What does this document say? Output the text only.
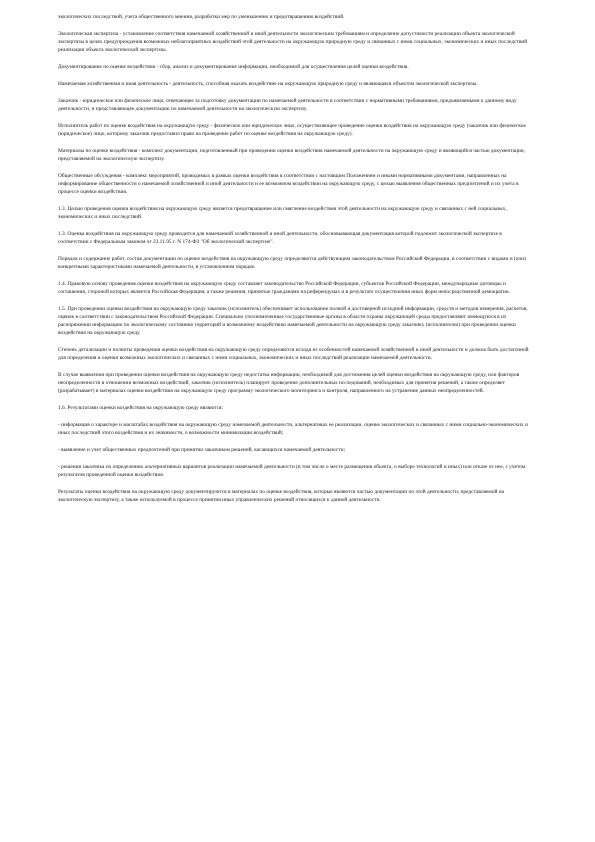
экологических последствий, учета общественного мнения, разработки мер по уменьшению и предотвращению воздействий.

Экологическая экспертиза - установление соответствия намечаемой хозяйственной и иной деятельности экологическим требованиям и определение допустимости реализации объекта экологической экспертизы в целях предупреждения возможных неблагоприятных воздействий этой деятельности на окружающую природную среду и связанных с ними социальных, экономических и иных последствий реализации объекта экологической экспертизы.

Документирование по оценке воздействия - сбор, анализ и документирование информации, необходимой для осуществления целей оценки воздействия.

Намечаемая хозяйственная и иная деятельность - деятельность, способная оказать воздействие на окружающую природную среду и являющаяся объектом экологической экспертизы.

Заказчик - юридическое или физическое лицо, отвечающее за подготовку документации по намечаемой деятельности в соответствии с нормативными требованиями, предъявляемыми к данному виду деятельности, и представляющее документацию по намечаемой деятельности на экологическую экспертизу.

Исполнитель работ по оценке воздействия на окружающую среду - физическое или юридическое лицо, осуществляющее проведение оценки воздействия на окружающую среду (заказчик или физическое (юридическое) лицо, которому заказчик предоставил право на проведение работ по оценке воздействия на окружающую среду).

Материалы по оценке воздействия - комплект документации, подготовленный при проведении оценки воздействия намечаемой деятельности на окружающую среду и являющийся частью документации, представляемой на экологическую экспертизу.

Общественные обсуждения - комплекс мероприятий, проводимых в рамках оценки воздействия в соответствии с настоящим Положением и иными нормативными документами, направленных на информирование общественности о намечаемой хозяйственной и иной деятельности и ее возможном воздействии на окружающую среду, с целью выявления общественных предпочтений и их учета в процессе оценки воздействия.

1.3. Целью проведения оценки воздействия на окружающую среду является предотвращение или смягчение воздействия этой деятельности на окружающую среду и связанных с ней социальных, экономических и иных последствий.

1.3. Оценка воздействия на окружающую среду проводится для намечаемой хозяйственной и иной деятельности, обосновывающая документация которой подлежит экологической экспертизе в соответствии с Федеральным законом от 23.11.95 г. N 174-ФЗ "Об экологической экспертизе".

Порядок и содержание работ, состав документации по оценке воздействия на окружающую среду определяются действующим законодательством Российской Федерации, в соответствии с видами и (или) конкретными характеристиками намечаемой деятельности, в установленном порядке.

1.4. Правовую основу проведения оценки воздействия на окружающую среду составляет законодательство Российской Федерации, субъектов Российской Федерации, международные договоры и соглашения, стороной которых является Российская Федерация, а также решения, принятые гражданами на референдумах и в результате осуществления иных форм непосредственной демократии.

1.5. При проведении оценки воздействия на окружающую среду заказчик (исполнитель) обеспечивает использование полной и достоверной исходной информации, средств и методов измерения, расчетов, оценок в соответствии с законодательством Российской Федерации. Специально уполномоченные государственные органы в области охраны окружающей среды предоставляют имеющуюся в их распоряжении информацию по экологическому состоянию территорий и возможному воздействию намечаемой деятельности на окружающую среду заказчику (исполнителю) при проведении оценки воздействия на окружающую среду.

Степень детализации и полноты проведения оценки воздействия на окружающую среду определяются исходя из особенностей намечаемой хозяйственной и иной деятельности и должна быть достаточной для определения и оценки возможных экологических и связанных с ними социальных, экономических и иных последствий реализации намечаемой деятельности.

В случае выявления при проведении оценки воздействия на окружающую среду недостатка информации, необходимой для достижения целей оценки воздействия на окружающую среду, или факторов неопределенности в отношении возможных воздействий, заказчик (исполнитель) планирует проведение дополнительных исследований, необходимых для принятия решений, а также определяет (разрабатывает) в материалах оценки воздействия на окружающую среду программу экологического мониторинга и контроля, направленного на устранение данных неопределенностей.

1.6. Результатами оценки воздействия на окружающую среду являются:

- информация о характере и масштабах воздействия на окружающую среду намечаемой деятельности, альтернативах ее реализации, оценке экологических и связанных с ними социально-экономических и иных последствий этого воздействия и их значимости, о возможности минимизации воздействий;

- выявление и учет общественных предпочтений при принятии заказчиком решений, касающихся намечаемой деятельности;

- решения заказчика по определению альтернативных вариантов реализации намечаемой деятельности (в том числе о месте размещения объекта, о выборе технологий и иных) или отказе от нее, с учетом результатов проведенной оценки воздействия.

Результаты оценки воздействия на окружающую среду документируются в материалах по оценке воздействия, которые являются частью документации по этой деятельности, представляемой на экологическую экспертизу, а также используемой в процессе принятия иных управленческих решений относящихся к данной деятельности.
